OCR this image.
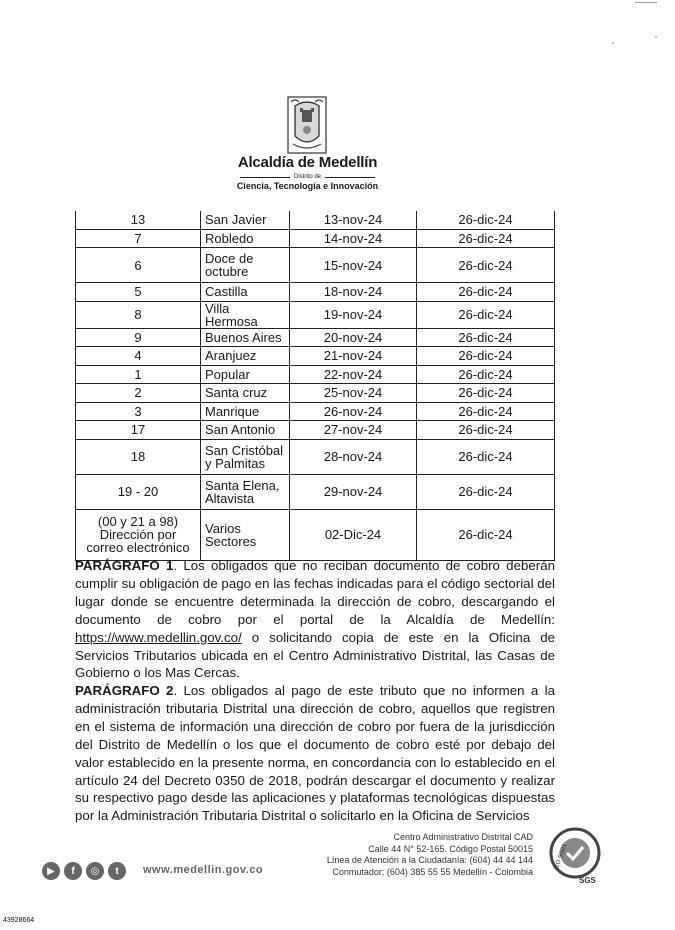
Alcaldía de Medellín
Distrito de
Ciencia, Tecnología e Innovación
13	San Javier	13-nov-24	26-dic-24
7	Robledo	14-nov-24	26-dic-24
6	Doce de octubre	15-nov-24	26-dic-24
5	Castilla	18-nov-24	26-dic-24
8	Villa Hermosa	19-nov-24	26-dic-24
9	Buenos Aires	20-nov-24	26-dic-24
4	Aranjuez	21-nov-24	26-dic-24
1	Popular	22-nov-24	26-dic-24
2	Santa cruz	25-nov-24	26-dic-24
3	Manrique	26-nov-24	26-dic-24
17	San Antonio	27-nov-24	26-dic-24
18	San Cristóbal y Palmitas	28-nov-24	26-dic-24
19 - 20	Santa Elena, Altavista	29-nov-24	26-dic-24
(00 y 21 a 98) Dirección por correo electrónico	Varios Sectores	02-Dic-24	26-dic-24
PARÁGRAFO 1. Los obligados que no reciban documento de cobro deberán cumplir su obligación de pago en las fechas indicadas para el código sectorial del lugar donde se encuentre determinada la dirección de cobro, descargando el documento de cobro por el portal de la Alcaldía de Medellín: https://www.medellin.gov.co/ o solicitando copia de este en la Oficina de Servicios Tributarios ubicada en el Centro Administrativo Distrital, las Casas de Gobierno o los Mas Cercas.
PARÁGRAFO 2. Los obligados al pago de este tributo que no informen a la administración tributaria Distrital una dirección de cobro, aquellos que registren en el sistema de información una dirección de cobro por fuera de la jurisdicción del Distrito de Medellín o los que el documento de cobro esté por debajo del valor establecido en la presente norma, en concordancia con lo establecido en el artículo 24 del Decreto 0350 de 2018, podrán descargar el documento y realizar su respectivo pago desde las aplicaciones y plataformas tecnológicas dispuestas por la Administración Tributaria Distrital o solicitarlo en la Oficina de Servicios
▶	f	◎	t	www.medellin.gov.co
Centro Administrativo Distrital CAD
Calle 44 N° 52-165. Código Postal 50015
Línea de Atención a la Ciudadanía: (604) 44 44 144
Conmutador: (604) 385 55 55 Medellín - Colombia
ISO 9001
SGS
43928664
